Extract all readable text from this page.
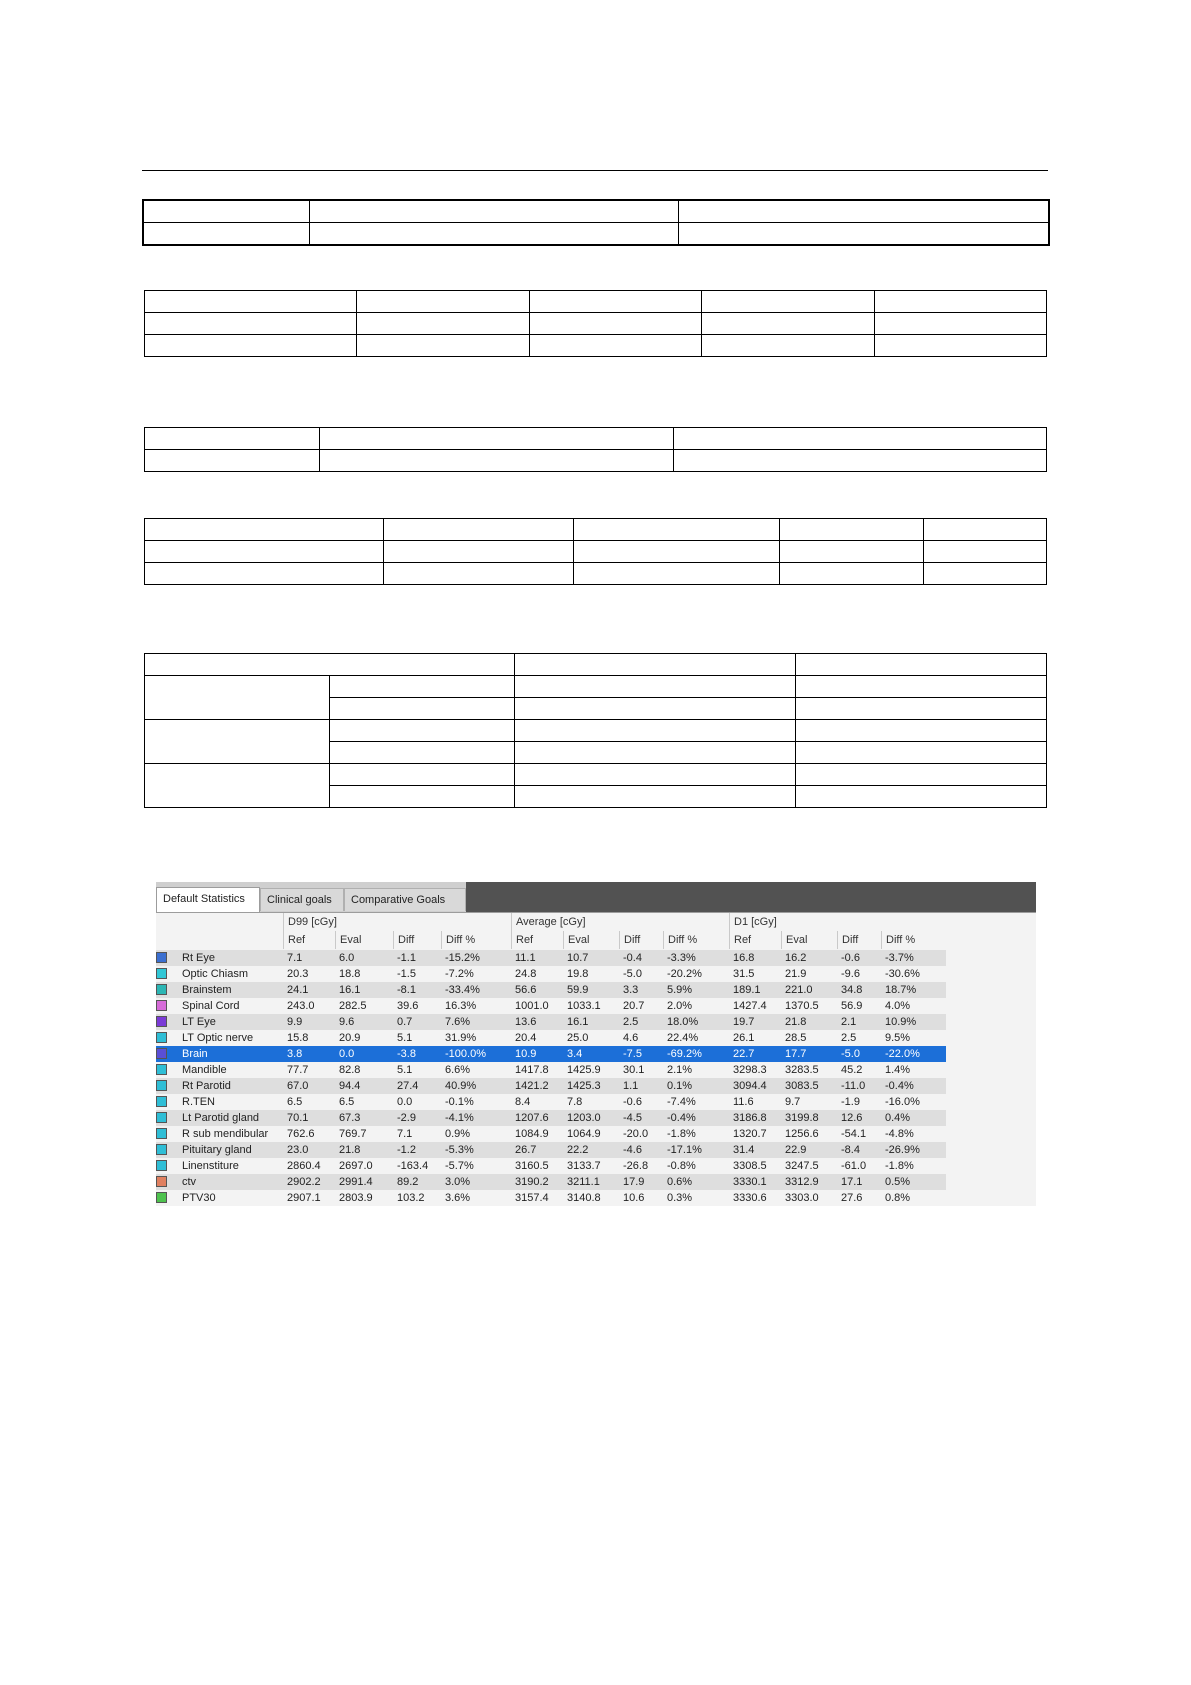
Default Statistics	Clinical goals	Comparative Goals
D99 [cGy]	Average [cGy]	D1 [cGy]
Ref	Eval	Diff	Diff %	Ref	Eval	Diff	Diff %	Ref	Eval	Diff	Diff %
Rt Eye	7.1	6.0	-1.1	-15.2%	11.1	10.7	-0.4 -3.3%	16.8	16.2	-0.6 -3.7%
Optic Chiasm	20.3	18.8	-1.5	-7.2%	24.8	19.8	-5.0 -20.2%	31.5	21.9	-9.6 -30.6%
Brainstem	24.1	16.1	-8.1	-33.4%	56.6	59.9	3.3	5.9%	189.1 221.0	34.8 18.7%
Spinal Cord	243.0 282.5	39.6 16.3%	1001.0 1033.1 20.7 2.0%	1427.4 1370.5 56.9 4.0%
LT Eye	9.9	9.6	0.7	7.6%	13.6	16.1	2.5	18.0%	19.7	21.8	2.1	10.9%
LT Optic nerve	15.8	20.9	5.1	31.9%	20.4	25.0	4.6	22.4%	26.1	28.5	2.5	9.5%
Brain	3.8	0.0	-3.8	-100.0%	10.9	3.4	-7.5 -69.2%	22.7	17.7	-5.0 -22.0%
Mandible	77.7	82.8	5.1	6.6%	1417.8 1425.9 30.1 2.1%	3298.3 3283.5 45.2 1.4%
Rt Parotid	67.0	94.4	27.4 40.9%	1421.2 1425.3 1.1	0.1%	3094.4 3083.5 -11.0 -0.4%
R.TEN	6.5	6.5	0.0	-0.1%	8.4	7.8	-0.6 -7.4%	11.6	9.7	-1.9 -16.0%
Lt Parotid gland	70.1	67.3	-2.9	-4.1%	1207.6 1203.0 -4.5 -0.4%	3186.8 3199.8 12.6 0.4%
R sub mendibular 762.6 769.7	7.1	0.9%	1084.9 1064.9 -20.0 -1.8%	1320.7 1256.6 -54.1 -4.8%
Pituitary gland	23.0	21.8	-1.2	-5.3%	26.7	22.2	-4.6 -17.1%	31.4	22.9	-8.4 -26.9%
Linenstiture	2860.4 2697.0 -163.4 -5.7%	3160.5 3133.7 -26.8 -0.8%	3308.5 3247.5 -61.0 -1.8%
ctv	2902.2 2991.4 89.2 3.0%	3190.2 3211.1 17.9 0.6%	3330.1 3312.9 17.1 0.5%
PTV30	2907.1 2803.9 103.2 3.6%	3157.4 3140.8 10.6 0.3%	3330.6 3303.0 27.6 0.8%
